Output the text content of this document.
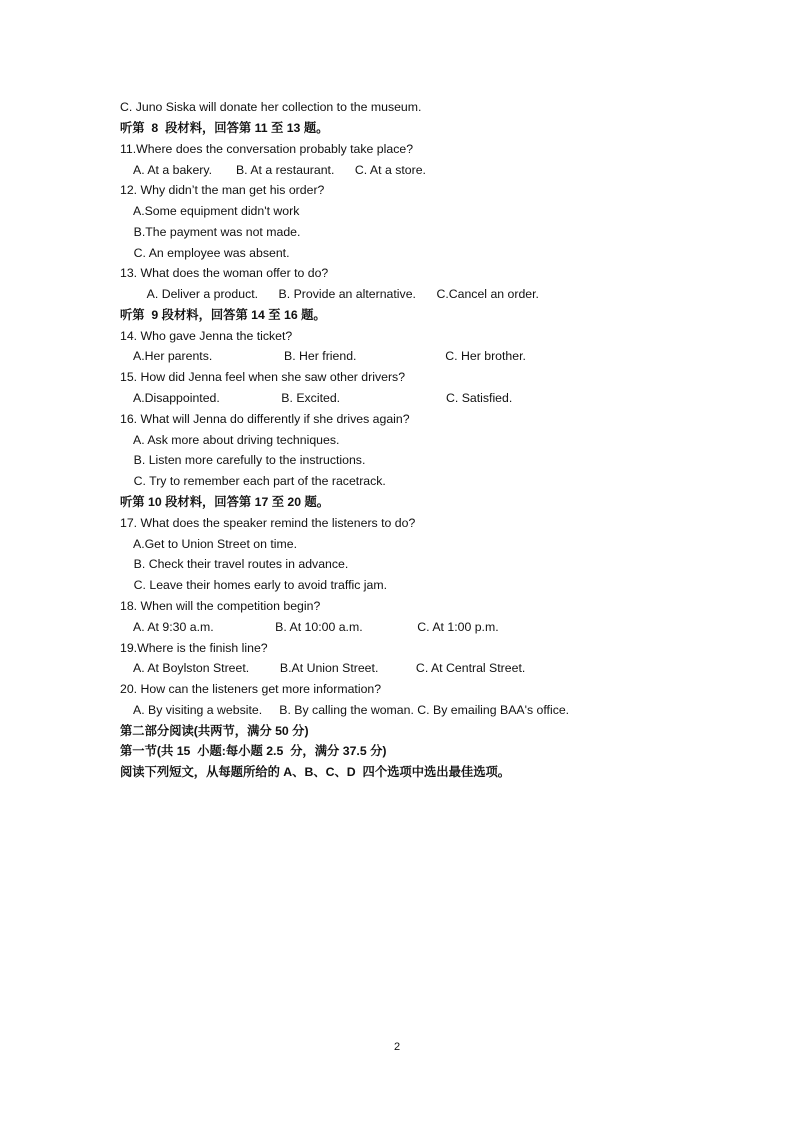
C. Juno Siska will donate her collection to the museum.
听第  8  段材料，回答第 11 至 13 题。
11.Where does the conversation probably take place?
A. At a bakery.       B. At a restaurant.      C. At a store.
12. Why didn’t the man get his order?
A.Some equipment didn't work
B.The payment was not made.
C. An employee was absent.
13. What does the woman offer to do?
A. Deliver a product.      B. Provide an alternative.      C.Cancel an order.
听第  9 段材料，回答第 14 至 16 题。
14. Who gave Jenna the ticket?
A.Her parents.                     B. Her friend.                          C. Her brother.
15. How did Jenna feel when she saw other drivers?
A.Disappointed.                  B. Excited.                               C. Satisfied.
16. What will Jenna do differently if she drives again?
A. Ask more about driving techniques.
B. Listen more carefully to the instructions.
C. Try to remember each part of the racetrack.
听第 10 段材料，回答第 17 至 20 题。
17. What does the speaker remind the listeners to do?
A.Get to Union Street on time.
B. Check their travel routes in advance.
C. Leave their homes early to avoid traffic jam.
18. When will the competition begin?
A. At 9:30 a.m.                  B. At 10:00 a.m.                C. At 1:00 p.m.
19.Where is the finish line?
A. At Boylston Street.         B.At Union Street.           C. At Central Street.
20. How can the listeners get more information?
A. By visiting a website.     B. By calling the woman. C. By emailing BAA's office.
第二部分阅读(共两节，满分 50 分)
第一节(共 15  小题:每小题 2.5  分，满分 37.5 分)
阅读下列短文，从每题所给的 A、B、C、D  四个选项中选出最佳选项。
2
